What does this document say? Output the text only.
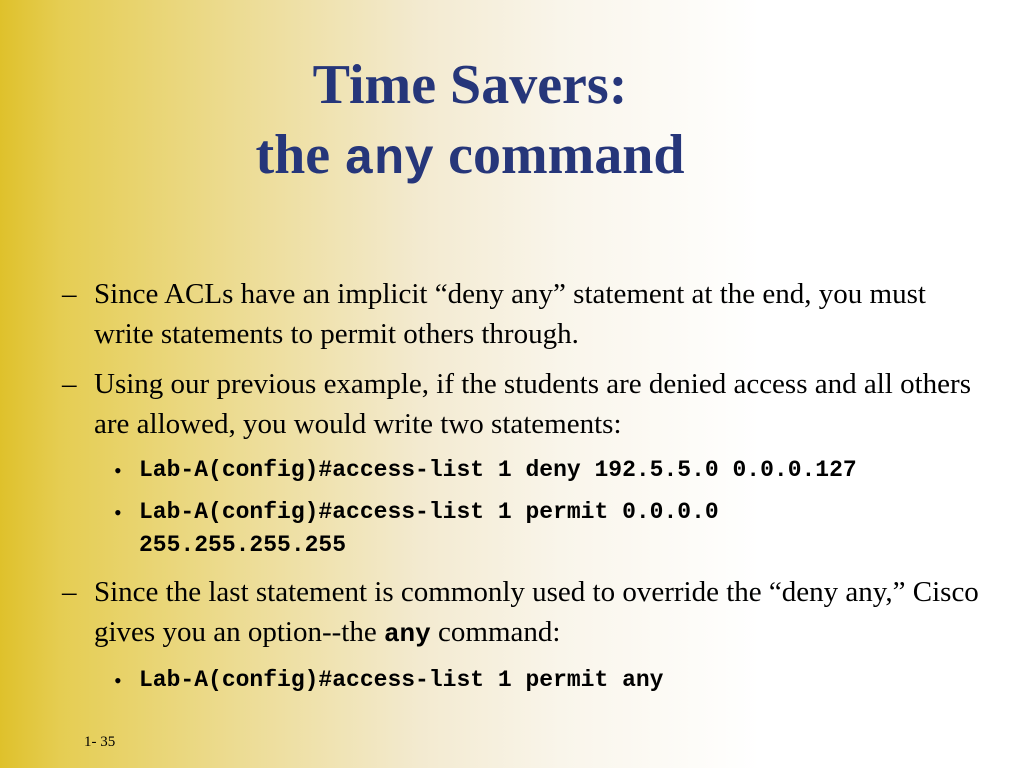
Time Savers:
the any command
– Since ACLs have an implicit “deny any” statement at the end, you must write statements to permit others through.
– Using our previous example, if the students are denied access and all others are allowed, you would write two statements:
• Lab-A(config)#access-list 1 deny 192.5.5.0 0.0.0.127
• Lab-A(config)#access-list 1 permit 0.0.0.0 255.255.255.255
– Since the last statement is commonly used to override the “deny any,” Cisco gives you an option--the any command:
• Lab-A(config)#access-list 1 permit any
1- 35
